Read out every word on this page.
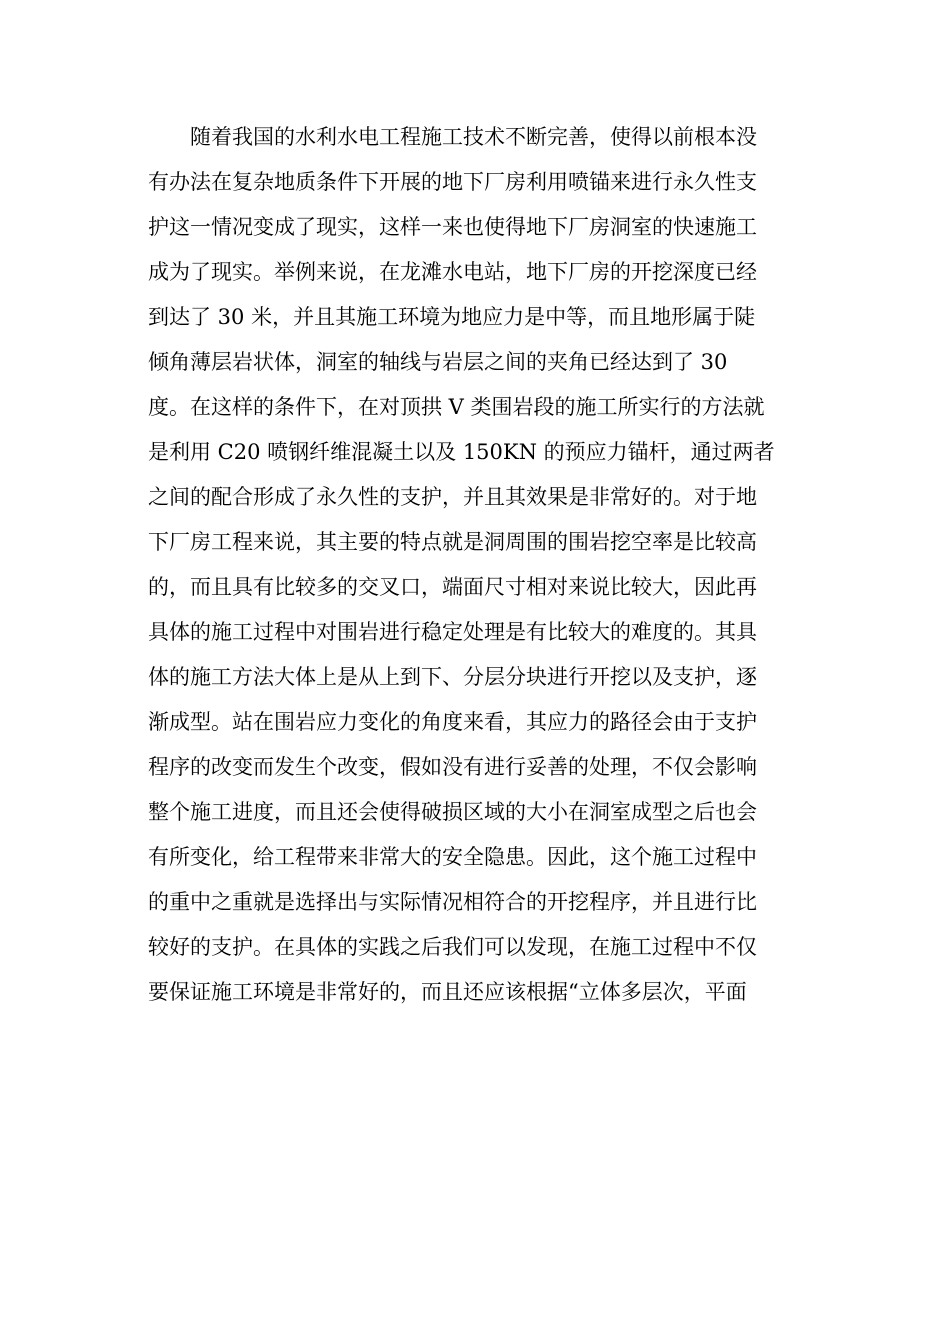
随着我国的水利水电工程施工技术不断完善，使得以前根本没
有办法在复杂地质条件下开展的地下厂房利用喷锚来进行永久性支
护这一情况变成了现实，这样一来也使得地下厂房洞室的快速施工
成为了现实。举例来说，在龙滩水电站，地下厂房的开挖深度已经
到达了 30 米，并且其施工环境为地应力是中等，而且地形属于陡
倾角薄层岩状体，洞室的轴线与岩层之间的夹角已经达到了 30
度。在这样的条件下，在对顶拱 V 类围岩段的施工所实行的方法就
是利用 C20 喷钢纤维混凝土以及 150KN 的预应力锚杆，通过两者
之间的配合形成了永久性的支护，并且其效果是非常好的。对于地
下厂房工程来说，其主要的特点就是洞周围的围岩挖空率是比较高
的，而且具有比较多的交叉口，端面尺寸相对来说比较大，因此再
具体的施工过程中对围岩进行稳定处理是有比较大的难度的。其具
体的施工方法大体上是从上到下、分层分块进行开挖以及支护，逐
渐成型。站在围岩应力变化的角度来看，其应力的路径会由于支护
程序的改变而发生个改变，假如没有进行妥善的处理，不仅会影响
整个施工进度，而且还会使得破损区域的大小在洞室成型之后也会
有所变化，给工程带来非常大的安全隐患。因此，这个施工过程中
的重中之重就是选择出与实际情况相符合的开挖程序，并且进行比
较好的支护。在具体的实践之后我们可以发现，在施工过程中不仅
要保证施工环境是非常好的，而且还应该根据“立体多层次，平面
